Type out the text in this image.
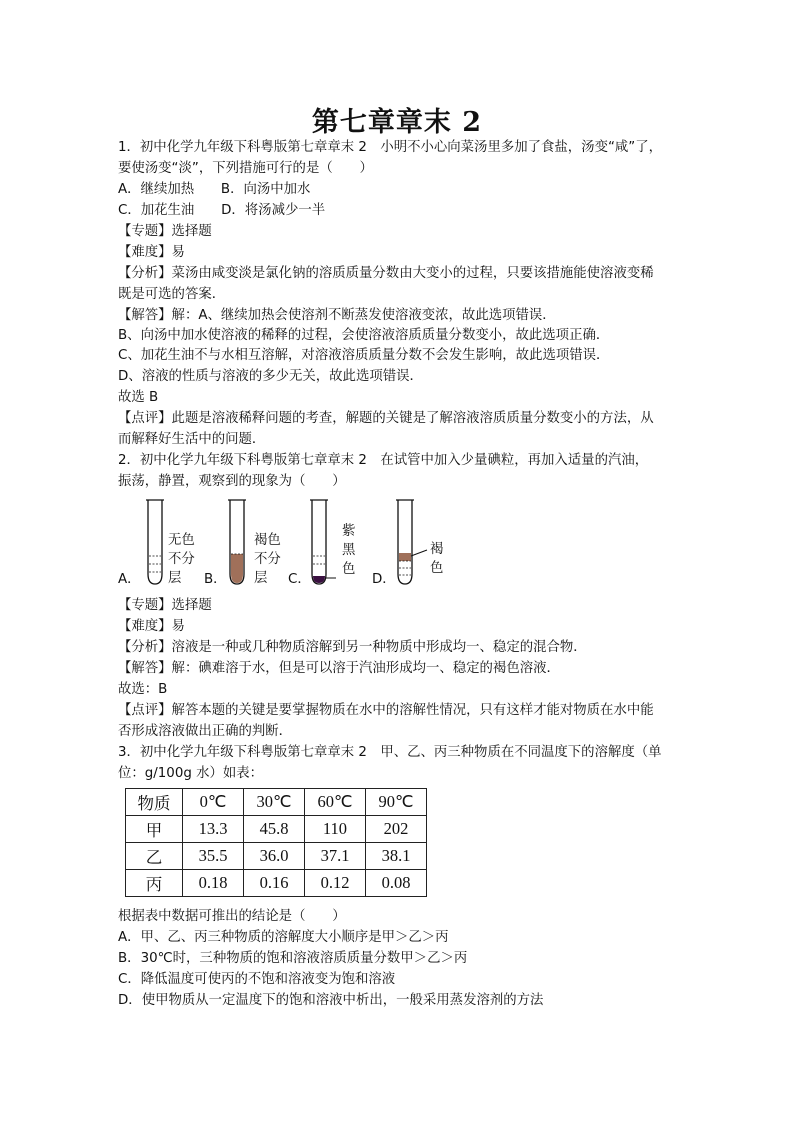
第七章章末 2
1．初中化学九年级下科粤版第七章章末 2　小明不小心向菜汤里多加了食盐，汤变“咸”了，
要使汤变“淡”，下列措施可行的是（　　）
A．继续加热　　B．向汤中加水
C．加花生油　　D．将汤减少一半
【专题】选择题
【难度】易
【分析】菜汤由咸变淡是氯化钠的溶质质量分数由大变小的过程，只要该措施能使溶液变稀
既是可选的答案．
【解答】解：A、继续加热会使溶剂不断蒸发使溶液变浓，故此选项错误．
B、向汤中加水使溶液的稀释的过程，会使溶液溶质质量分数变小，故此选项正确．
C、加花生油不与水相互溶解，对溶液溶质质量分数不会发生影响，故此选项错误．
D、溶液的性质与溶液的多少无关，故此选项错误．
故选 B
【点评】此题是溶液稀释问题的考查，解题的关键是了解溶液溶质质量分数变小的方法，从
而解释好生活中的问题．
2．初中化学九年级下科粤版第七章章末 2　在试管中加入少量碘粒，再加入适量的汽油，
振荡，静置，观察到的现象为（　　）
A．
无色
不分
层	B．
褐色
不分
层	C．
紫
黑
色
D．
褐
色
【专题】选择题
【难度】易
【分析】溶液是一种或几种物质溶解到另一种物质中形成均一、稳定的混合物．
【解答】解：碘难溶于水，但是可以溶于汽油形成均一、稳定的褐色溶液．
故选：B
【点评】解答本题的关键是要掌握物质在水中的溶解性情况，只有这样才能对物质在水中能
否形成溶液做出正确的判断．
3．初中化学九年级下科粤版第七章章末 2　甲、乙、丙三种物质在不同温度下的溶解度（单
位：g/100g 水）如表：
物质	0℃	30℃	60℃	90℃
甲	13.3	45.8	110	202
乙	35.5	36.0	37.1	38.1
丙	0.18	0.16	0.12	0.08
根据表中数据可推出的结论是（　　）
A．甲、乙、丙三种物质的溶解度大小顺序是甲＞乙＞丙
B．30℃时，三种物质的饱和溶液溶质质量分数甲＞乙＞丙
C．降低温度可使丙的不饱和溶液变为饱和溶液
D．使甲物质从一定温度下的饱和溶液中析出，一般采用蒸发溶剂的方法
